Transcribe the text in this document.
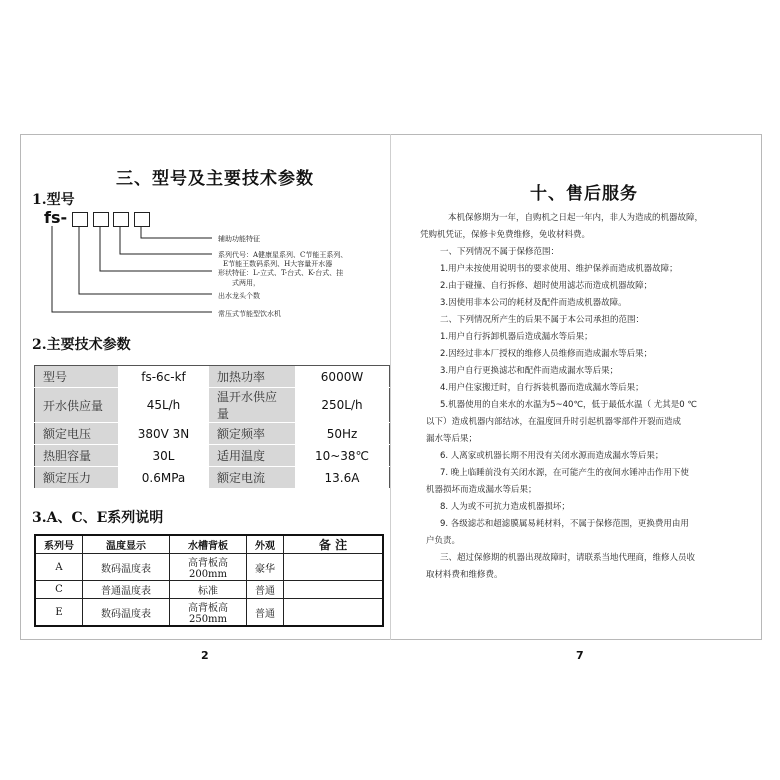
三、型号及主要技术参数
1.型号
fs-
辅助功能特征
系列代号：A健康星系列、C节能王系列、
E节能王数码系列、H大容量开水器
形状特征：L-立式、T-台式、K-台式、挂
式两用，
出水龙头个数
常压式节能型饮水机
2.主要技术参数
型号	fs-6c-kf	加热功率	6000W
开水供应量	45L/h	温开水供应量	250L/h
额定电压	380V 3N	额定频率	50Hz
热胆容量	30L	适用温度	10~38℃
额定压力	0.6MPa	额定电流	13.6A
3.A、C、E系列说明
系列号	温度显示	水槽背板	外观	备 注
A	数码温度表	高背板高200mm	豪华	
C	普通温度表	标准	普通	
E	数码温度表	高背板高250mm	普通	
2
十、售后服务
本机保修期为一年，自购机之日起一年内，非人为造成的机器故障，
凭购机凭证，保修卡免费维修，免收材料费。
一、下列情况不属于保修范围：
1.用户未按使用说明书的要求使用、维护保养而造成机器故障；
2.由于碰撞、自行拆修、超时使用滤芯而造成机器故障；
3.因使用非本公司的耗材及配件而造成机器故障。
二、下列情况所产生的后果不属于本公司承担的范围：
1.用户自行拆卸机器后造成漏水等后果；
2.因经过非本厂授权的维修人员维修而造成漏水等后果；
3.用户自行更换滤芯和配件而造成漏水等后果；
4.用户住家搬迁时，自行拆装机器而造成漏水等后果；
5.机器使用的自来水的水温为5~40℃，低于最低水温（ 尤其是0 ℃
以下）造成机器内部结冰，在温度回升时引起机器零部件开裂而造成
漏水等后果；
6. 人离家或机器长期不用没有关闭水源而造成漏水等后果；
7. 晚上临睡前没有关闭水源，在可能产生的夜间水锤冲击作用下使
机器损坏而造成漏水等后果；
8. 人为或不可抗力造成机器损坏；
9. 各级滤芯和超滤膜属易耗材料，不属于保修范围，更换费用由用
户负责。
三、超过保修期的机器出现故障时，请联系当地代理商，维修人员收
取材料费和维修费。
7
